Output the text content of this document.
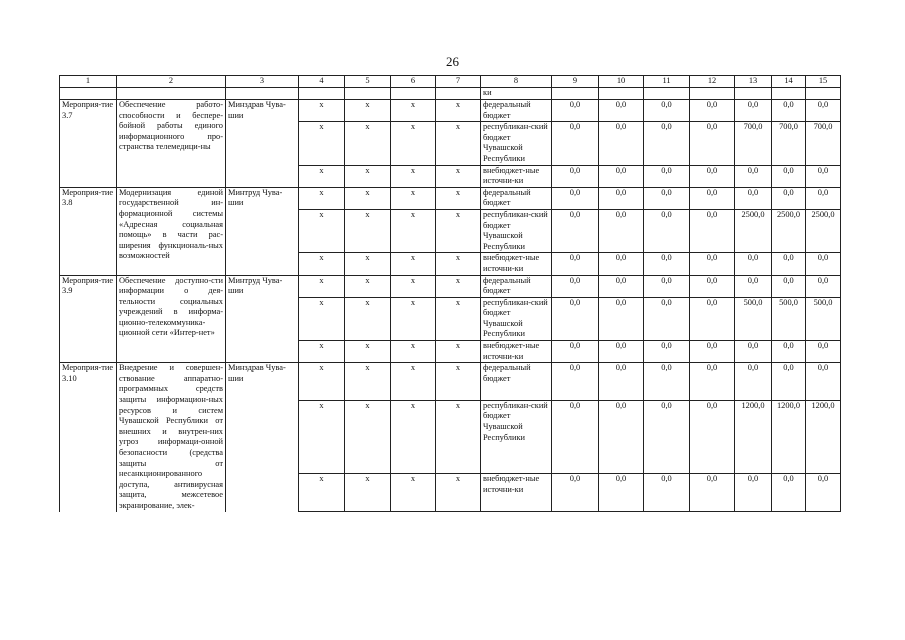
26
1	2	3	4	5	6	7	8	9	10	11	12	13	14	15
							ки							
Мероприя-тие 3.7	Обеспечение работо-способности и беспере-бойной работы единого информационного про-странства телемедици-ны	Минздрав Чува-шии	x	x	x	x	федеральный бюджет	0,0	0,0	0,0	0,0	0,0	0,0	0,0
			x	x	x	x	республикан-ский бюджет Чувашской Республики	0,0	0,0	0,0	0,0	700,0	700,0	700,0
			x	x	x	x	внебюджет-ные источни-ки	0,0	0,0	0,0	0,0	0,0	0,0	0,0
Мероприя-тие 3.8	Модернизация единой государственной ин-формационной системы «Адресная социальная помощь» в части рас-ширения функциональ-ных возможностей	Минтруд Чува-шии	x	x	x	x	федеральный бюджет	0,0	0,0	0,0	0,0	0,0	0,0	0,0
			x	x	x	x	республикан-ский бюджет Чувашской Республики	0,0	0,0	0,0	0,0	2500,0	2500,0	2500,0
			x	x	x	x	внебюджет-ные источни-ки	0,0	0,0	0,0	0,0	0,0	0,0	0,0
Мероприя-тие 3.9	Обеспечение доступно-сти информации о дея-тельности социальных учреждений в информа-ционно-телекоммуника-ционной сети «Интер-нет»	Минтруд Чува-шии	x	x	x	x	федеральный бюджет	0,0	0,0	0,0	0,0	0,0	0,0	0,0
			x	x	x	x	республикан-ский бюджет Чувашской Республики	0,0	0,0	0,0	0,0	500,0	500,0	500,0
			x	x	x	x	внебюджет-ные источни-ки	0,0	0,0	0,0	0,0	0,0	0,0	0,0
Мероприя-тие 3.10	Внедрение и совершен-ствование аппаратно-программных средств защиты информацион-ных ресурсов и систем Чувашской Республики от внешних и внутрен-них угроз информаци-онной безопасности (средства защиты от несанкционированного доступа, антивирусная защита, межсетевое экранирование, элек-	Минздрав Чува-шии	x	x	x	x	федеральный бюджет	0,0	0,0	0,0	0,0	0,0	0,0	0,0
			x	x	x	x	республикан-ский бюджет Чувашской Республики	0,0	0,0	0,0	0,0	1200,0	1200,0	1200,0
			x	x	x	x	внебюджет-ные источни-ки	0,0	0,0	0,0	0,0	0,0	0,0	0,0
